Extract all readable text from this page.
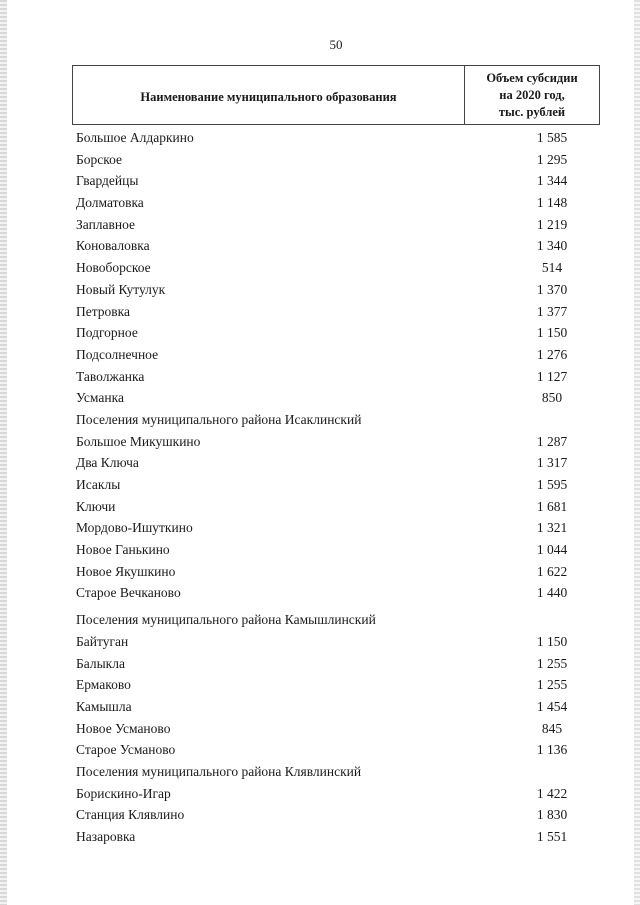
50
Наименование муниципального образования
Объем субсидии
на 2020 год,
тыс. рублей
Большое Алдаркино	1 585
Борское	1 295
Гвардейцы	1 344
Долматовка	1 148
Заплавное	1 219
Коноваловка	1 340
Новоборское	514
Новый Кутулук	1 370
Петровка	1 377
Подгорное	1 150
Подсолнечное	1 276
Таволжанка	1 127
Усманка	850
Поселения муниципального района Исаклинский
Большое Микушкино	1 287
Два Ключа	1 317
Исаклы	1 595
Ключи	1 681
Мордово-Ишуткино	1 321
Новое Ганькино	1 044
Новое Якушкино	1 622
Старое Вечканово	1 440
Поселения муниципального района Камышлинский
Байтуган	1 150
Балыкла	1 255
Ермаково	1 255
Камышла	1 454
Новое Усманово	845
Старое Усманово	1 136
Поселения муниципального района Клявлинский
Борискино-Игар	1 422
Станция Клявлино	1 830
Назаровка	1 551
